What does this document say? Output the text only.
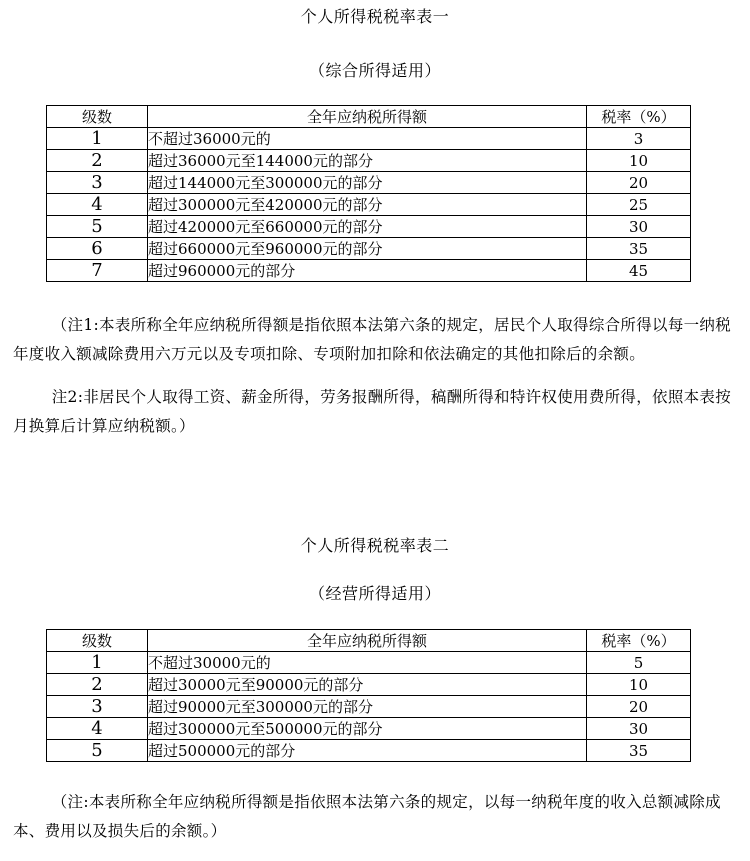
个人所得税税率表一
（综合所得适用）
级数	全年应纳税所得额	税率（%）
1	不超过36000元的	3
2	超过36000元至144000元的部分	10
3	超过144000元至300000元的部分	20
4	超过300000元至420000元的部分	25
5	超过420000元至660000元的部分	30
6	超过660000元至960000元的部分	35
7	超过960000元的部分	45

（注1:本表所称全年应纳税所得额是指依照本法第六条的规定，居民个人取得综合所得以每一纳税年度收入额减除费用六万元以及专项扣除、专项附加扣除和依法确定的其他扣除后的余额。

注2:非居民个人取得工资、薪金所得，劳务报酬所得，稿酬所得和特许权使用费所得，依照本表按月换算后计算应纳税额。）

个人所得税税率表二
（经营所得适用）
级数	全年应纳税所得额	税率（%）
1	不超过30000元的	5
2	超过30000元至90000元的部分	10
3	超过90000元至300000元的部分	20
4	超过300000元至500000元的部分	30
5	超过500000元的部分	35

（注:本表所称全年应纳税所得额是指依照本法第六条的规定，以每一纳税年度的收入总额减除成本、费用以及损失后的余额。）
